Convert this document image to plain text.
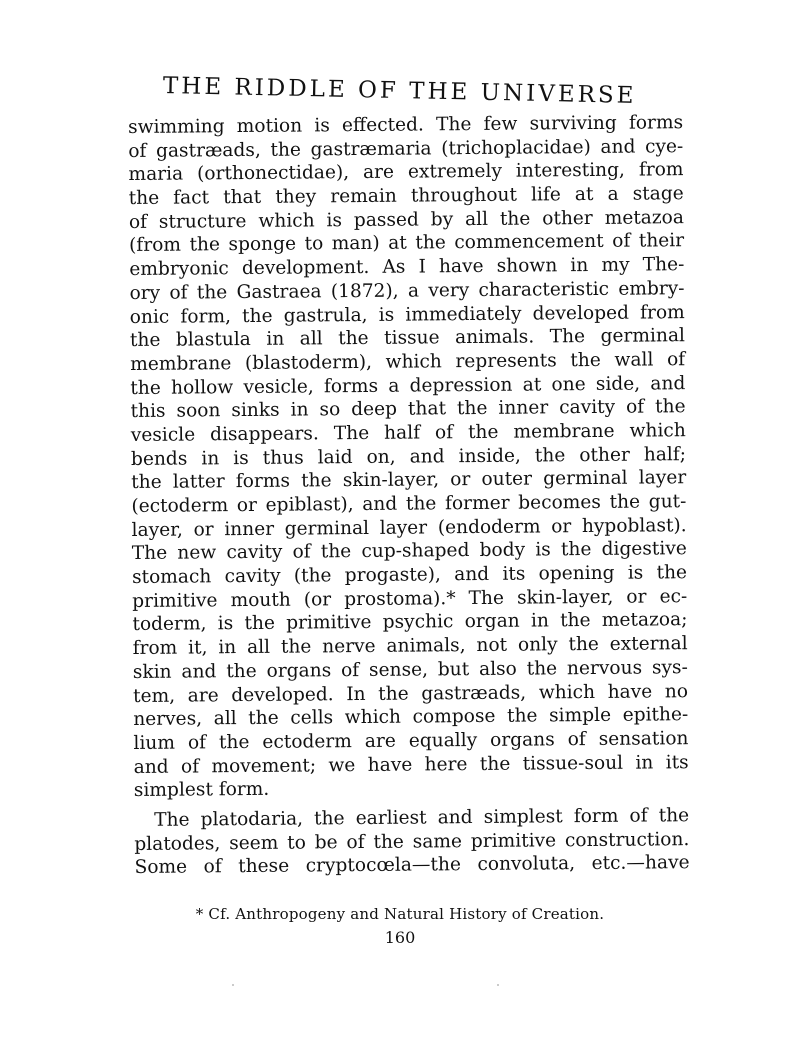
THE RIDDLE OF THE UNIVERSE
swimming motion is effected. The few surviving forms
of gastræads, the gastræmaria (trichoplacidae) and cye-
maria (orthonectidae), are extremely interesting, from
the fact that they remain throughout life at a stage
of structure which is passed by all the other metazoa
(from the sponge to man) at the commencement of their
embryonic development. As I have shown in my The-
ory of the Gastraea (1872), a very characteristic embry-
onic form, the gastrula, is immediately developed from
the blastula in all the tissue animals. The germinal
membrane (blastoderm), which represents the wall of
the hollow vesicle, forms a depression at one side, and
this soon sinks in so deep that the inner cavity of the
vesicle disappears. The half of the membrane which
bends in is thus laid on, and inside, the other half;
the latter forms the skin-layer, or outer germinal layer
(ectoderm or epiblast), and the former becomes the gut-
layer, or inner germinal layer (endoderm or hypoblast).
The new cavity of the cup-shaped body is the digestive
stomach cavity (the progaste), and its opening is the
primitive mouth (or prostoma).* The skin-layer, or ec-
toderm, is the primitive psychic organ in the metazoa;
from it, in all the nerve animals, not only the external
skin and the organs of sense, but also the nervous sys-
tem, are developed. In the gastræads, which have no
nerves, all the cells which compose the simple epithe-
lium of the ectoderm are equally organs of sensation
and of movement; we have here the tissue-soul in its
simplest form.
The platodaria, the earliest and simplest form of the
platodes, seem to be of the same primitive construction.
Some of these cryptocœla—the convoluta, etc.—have
* Cf. Anthropogeny and Natural History of Creation.
160
